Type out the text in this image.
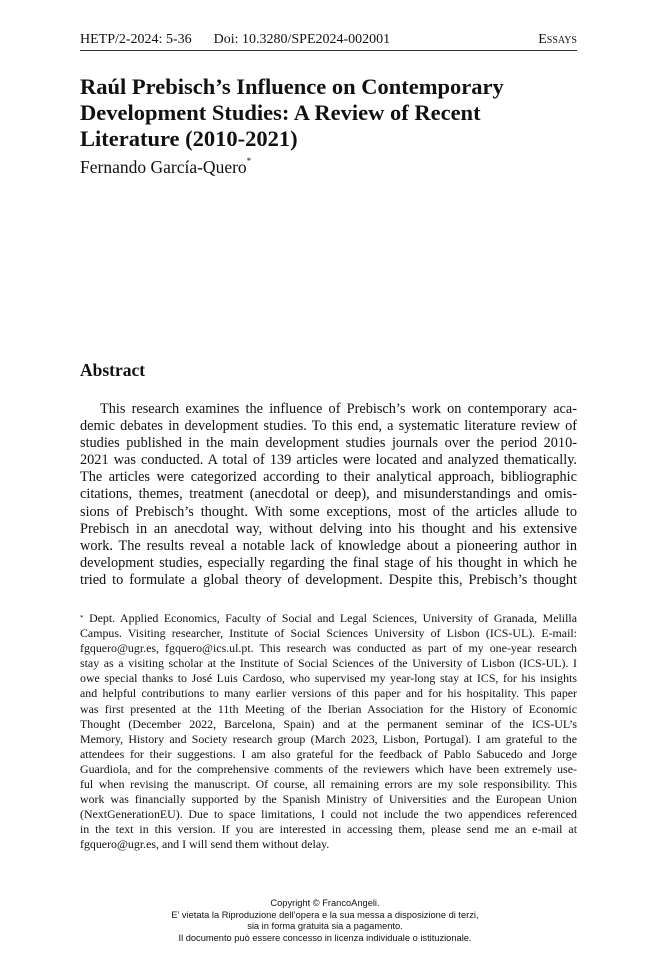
HETP/2-2024: 5-36 Doi: 10.3280/SPE2024-002001	Essays
Raúl Prebisch’s Influence on Contemporary
Development Studies: A Review of Recent
Literature (2010-2021)
Fernando García-Quero*
Abstract
This research examines the influence of Prebisch’s work on contemporary aca-
demic debates in development studies. To this end, a systematic literature review of
studies published in the main development studies journals over the period 2010-
2021 was conducted. A total of 139 articles were located and analyzed thematically.
The articles were categorized according to their analytical approach, bibliographic
citations, themes, treatment (anecdotal or deep), and misunderstandings and omis-
sions of Prebisch’s thought. With some exceptions, most of the articles allude to
Prebisch in an anecdotal way, without delving into his thought and his extensive
work. The results reveal a notable lack of knowledge about a pioneering author in
development studies, especially regarding the final stage of his thought in which he
tried to formulate a global theory of development. Despite this, Prebisch’s thought
* Dept. Applied Economics, Faculty of Social and Legal Sciences, University of Granada, Melilla
Campus. Visiting researcher, Institute of Social Sciences University of Lisbon (ICS-UL). E-mail:
fgquero@ugr.es, fgquero@ics.ul.pt. This research was conducted as part of my one-year research
stay as a visiting scholar at the Institute of Social Sciences of the University of Lisbon (ICS-UL). I
owe special thanks to José Luis Cardoso, who supervised my year-long stay at ICS, for his insights
and helpful contributions to many earlier versions of this paper and for his hospitality. This paper
was first presented at the 11th Meeting of the Iberian Association for the History of Economic
Thought (December 2022, Barcelona, Spain) and at the permanent seminar of the ICS-UL’s
Memory, History and Society research group (March 2023, Lisbon, Portugal). I am grateful to the
attendees for their suggestions. I am also grateful for the feedback of Pablo Sabucedo and Jorge
Guardiola, and for the comprehensive comments of the reviewers which have been extremely use-
ful when revising the manuscript. Of course, all remaining errors are my sole responsibility. This
work was financially supported by the Spanish Ministry of Universities and the European Union
(NextGenerationEU). Due to space limitations, I could not include the two appendices referenced
in the text in this version. If you are interested in accessing them, please send me an e-mail at
fgquero@ugr.es, and I will send them without delay.
Copyright © FrancoAngeli.
E’ vietata la Riproduzione dell’opera e la sua messa a disposizione di terzi,
sia in forma gratuita sia a pagamento.
Il documento può essere concesso in licenza individuale o istituzionale.
